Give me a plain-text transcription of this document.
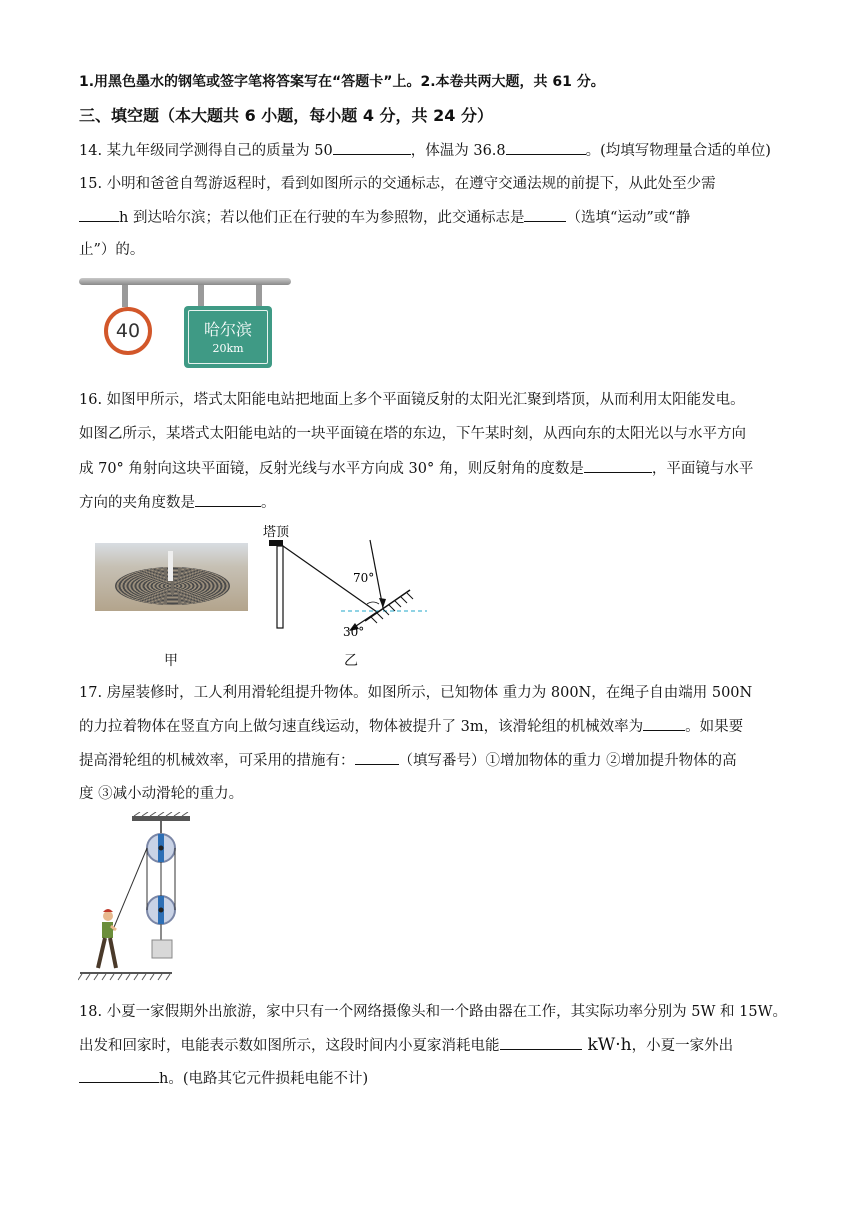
1.用黑色墨水的钢笔或签字笔将答案写在“答题卡”上。2.本卷共两大题，共 61 分。
三、填空题（本大题共 6 小题，每小题 4 分，共 24 分）
14. 某九年级同学测得自己的质量为 50	，体温为 36.8	。(均填写物理量合适的单位)
15. 小明和爸爸自驾游返程时，看到如图所示的交通标志，在遵守交通法规的前提下，从此处至少需
h 到达哈尔滨；若以他们正在行驶的车为参照物，此交通标志是	（选填“运动”或“静
止”）的。
40	哈尔滨
20km
16. 如图甲所示，塔式太阳能电站把地面上多个平面镜反射的太阳光汇聚到塔顶，从而利用太阳能发电。
如图乙所示，某塔式太阳能电站的一块平面镜在塔的东边，下午某时刻，从西向东的太阳光以与水平方向
成 70° 角射向这块平面镜，反射光线与水平方向成 30° 角，则反射角的度数是	，平面镜与水平
方向的夹角度数是	。
塔顶
70°
30°
甲	乙
17. 房屋装修时，工人利用滑轮组提升物体。如图所示，已知物体 重力为 800N，在绳子自由端用 500N
的力拉着物体在竖直方向上做匀速直线运动，物体被提升了 3m，该滑轮组的机械效率为	。如果要
提高滑轮组的机械效率，可采用的措施有：	（填写番号）①增加物体的重力 ②增加提升物体的高
度 ③减小动滑轮的重力。
18. 小夏一家假期外出旅游，家中只有一个网络摄像头和一个路由器在工作，其实际功率分别为 5W 和 15W。
出发和回家时，电能表示数如图所示，这段时间内小夏家消耗电能	kW·h，小夏一家外出
h。(电路其它元件损耗电能不计)
